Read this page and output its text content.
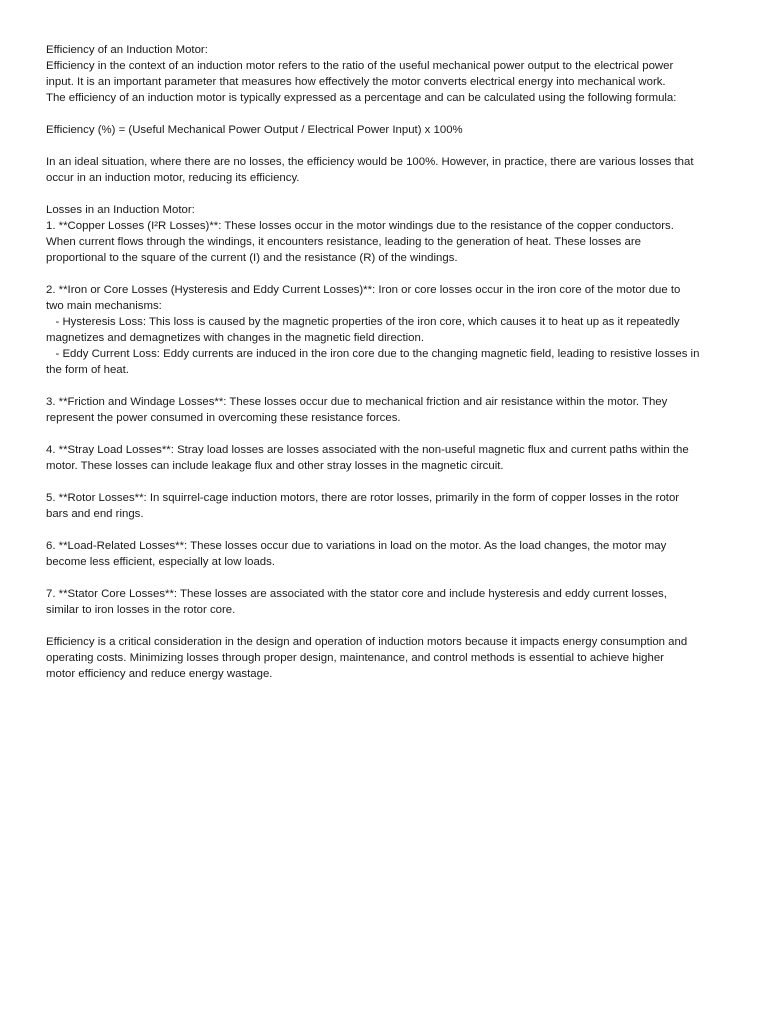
Efficiency of an Induction Motor:
Efficiency in the context of an induction motor refers to the ratio of the useful mechanical power output to the electrical power
input. It is an important parameter that measures how effectively the motor converts electrical energy into mechanical work.
The efficiency of an induction motor is typically expressed as a percentage and can be calculated using the following formula:
Efficiency (%) = (Useful Mechanical Power Output / Electrical Power Input) x 100%
In an ideal situation, where there are no losses, the efficiency would be 100%. However, in practice, there are various losses that
occur in an induction motor, reducing its efficiency.
Losses in an Induction Motor:
1. **Copper Losses (I²R Losses)**: These losses occur in the motor windings due to the resistance of the copper conductors.
When current flows through the windings, it encounters resistance, leading to the generation of heat. These losses are
proportional to the square of the current (I) and the resistance (R) of the windings.
2. **Iron or Core Losses (Hysteresis and Eddy Current Losses)**: Iron or core losses occur in the iron core of the motor due to
two main mechanisms:
- Hysteresis Loss: This loss is caused by the magnetic properties of the iron core, which causes it to heat up as it repeatedly
magnetizes and demagnetizes with changes in the magnetic field direction.
- Eddy Current Loss: Eddy currents are induced in the iron core due to the changing magnetic field, leading to resistive losses in
the form of heat.
3. **Friction and Windage Losses**: These losses occur due to mechanical friction and air resistance within the motor. They
represent the power consumed in overcoming these resistance forces.
4. **Stray Load Losses**: Stray load losses are losses associated with the non-useful magnetic flux and current paths within the
motor. These losses can include leakage flux and other stray losses in the magnetic circuit.
5. **Rotor Losses**: In squirrel-cage induction motors, there are rotor losses, primarily in the form of copper losses in the rotor
bars and end rings.
6. **Load-Related Losses**: These losses occur due to variations in load on the motor. As the load changes, the motor may
become less efficient, especially at low loads.
7. **Stator Core Losses**: These losses are associated with the stator core and include hysteresis and eddy current losses,
similar to iron losses in the rotor core.
Efficiency is a critical consideration in the design and operation of induction motors because it impacts energy consumption and
operating costs. Minimizing losses through proper design, maintenance, and control methods is essential to achieve higher
motor efficiency and reduce energy wastage.
